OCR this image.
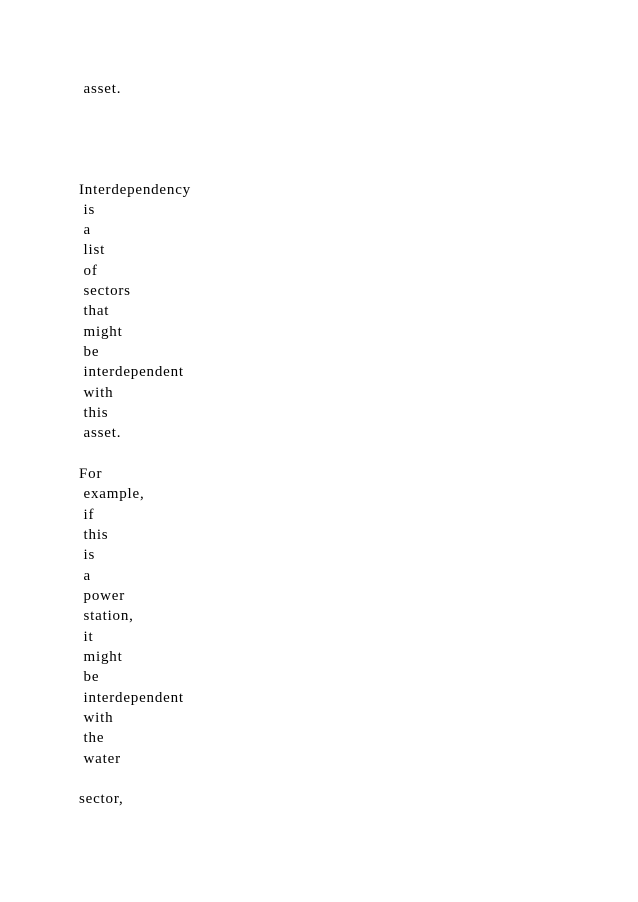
asset.
Interdependency
is
a
list
of
sectors
that
might
be
interdependent
with
this
asset.
For
example,
if
this
is
a
power
station,
it
might
be
interdependent
with
the
water
sector,
